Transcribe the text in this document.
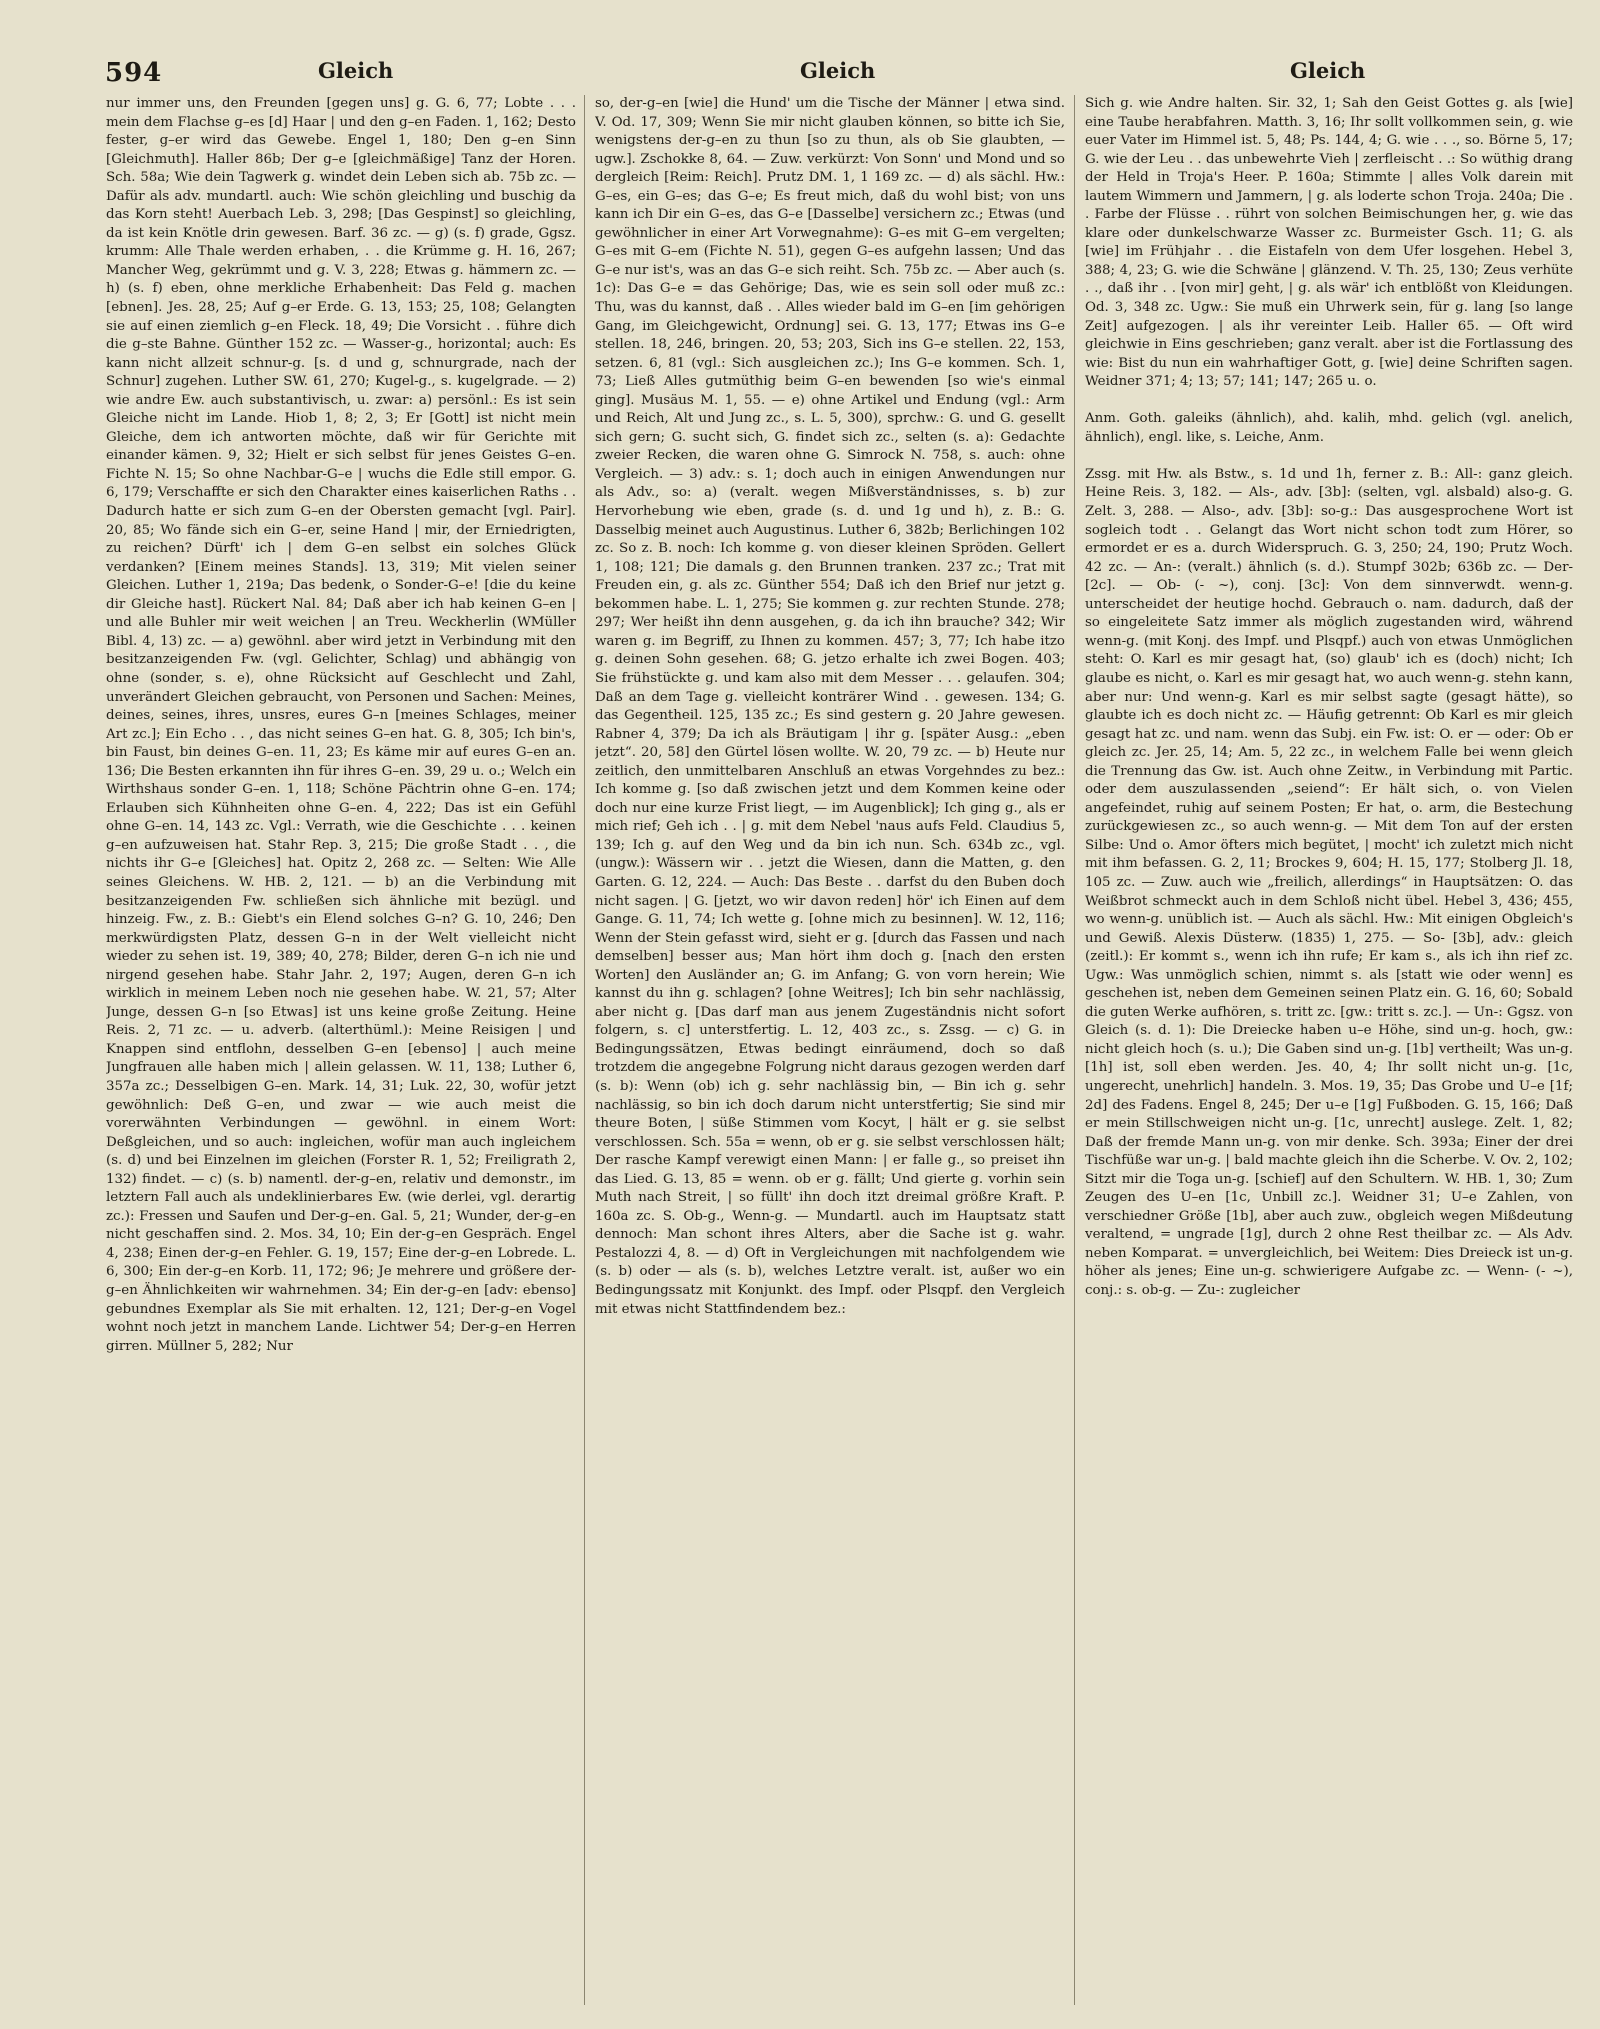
594	Gleich	Gleich	Gleich

nur immer uns, den Freunden [gegen uns] g. G. 6, 77; Lobte . . . mein dem Flachse g–es [d] Haar | und den g–en Faden. 1, 162; Desto fester, g–er wird das Gewebe. Engel 1, 180; Den g–en Sinn [Gleichmuth]. Haller 86b; Der g–e [gleichmäßige] Tanz der Horen. Sch. 58a; Wie dein Tagwerk g. windet dein Leben sich ab. 75b zc. — Dafür als adv. mundartl. auch: Wie schön gleichling und buschig da das Korn steht! Auerbach Leb. 3, 298; [Das Gespinst] so gleichling, da ist kein Knötle drin gewesen. Barf. 36 zc. — g) (s. f) grade, Ggsz. krumm: Alle Thale werden erhaben, . . die Krümme g. H. 16, 267; Mancher Weg, gekrümmt und g. V. 3, 228; Etwas g. hämmern zc. — h) (s. f) eben, ohne merkliche Erhabenheit: Das Feld g. machen [ebnen]. Jes. 28, 25; Auf g–er Erde. G. 13, 153; 25, 108; Gelangten sie auf einen ziemlich g–en Fleck. 18, 49; Die Vorsicht . . führe dich die g–ste Bahne. Günther 152 zc. — Wasser-g., horizontal; auch: Es kann nicht allzeit schnur-g. [s. d und g, schnurgrade, nach der Schnur] zugehen. Luther SW. 61, 270; Kugel-g., s. kugelgrade. — 2) wie andre Ew. auch substantivisch, u. zwar: a) persönl.: Es ist sein Gleiche nicht im Lande. Hiob 1, 8; 2, 3; Er [Gott] ist nicht mein Gleiche, dem ich antworten möchte, daß wir für Gerichte mit einander kämen. 9, 32; Hielt er sich selbst für jenes Geistes G–en. Fichte N. 15; So ohne Nachbar-G–e | wuchs die Edle still empor. G. 6, 179; Verschaffte er sich den Charakter eines kaiserlichen Raths . . Dadurch hatte er sich zum G–en der Obersten gemacht [vgl. Pair]. 20, 85; Wo fände sich ein G–er, seine Hand | mir, der Erniedrigten, zu reichen? Dürft' ich | dem G–en selbst ein solches Glück verdanken? [Einem meines Stands]. 13, 319; Mit vielen seiner Gleichen. Luther 1, 219a; Das bedenk, o Sonder-G–e! [die du keine dir Gleiche hast]. Rückert Nal. 84; Daß aber ich hab keinen G–en | und alle Buhler mir weit weichen | an Treu. Weckherlin (WMüller Bibl. 4, 13) zc. — a) gewöhnl. aber wird jetzt in Verbindung mit den besitzanzeigenden Fw. (vgl. Gelichter, Schlag) und abhängig von ohne (sonder, s. e), ohne Rücksicht auf Geschlecht und Zahl, unverändert Gleichen gebraucht, von Personen und Sachen: Meines, deines, seines, ihres, unsres, eures G–n [meines Schlages, meiner Art zc.]; Ein Echo . . , das nicht seines G–en hat. G. 8, 305; Ich bin's, bin Faust, bin deines G–en. 11, 23; Es käme mir auf eures G–en an. 136; Die Besten erkannten ihn für ihres G–en. 39, 29 u. o.; Welch ein Wirthshaus sonder G–en. 1, 118; Schöne Pächtrin ohne G–en. 174; Erlauben sich Kühnheiten ohne G–en. 4, 222; Das ist ein Gefühl ohne G–en. 14, 143 zc. Vgl.: Verrath, wie die Geschichte . . . keinen g–en aufzuweisen hat. Stahr Rep. 3, 215; Die große Stadt . . , die nichts ihr G–e [Gleiches] hat. Opitz 2, 268 zc. — Selten: Wie Alle seines Gleichens. W. HB. 2, 121. — b) an die Verbindung mit besitzanzeigenden Fw. schließen sich ähnliche mit bezügl. und hinzeig. Fw., z. B.: Giebt's ein Elend solches G–n? G. 10, 246; Den merkwürdigsten Platz, dessen G–n in der Welt vielleicht nicht wieder zu sehen ist. 19, 389; 40, 278; Bilder, deren G–n ich nie und nirgend gesehen habe. Stahr Jahr. 2, 197; Augen, deren G–n ich wirklich in meinem Leben noch nie gesehen habe. W. 21, 57; Alter Junge, dessen G–n [so Etwas] ist uns keine große Zeitung. Heine Reis. 2, 71 zc. — u. adverb. (alterthüml.): Meine Reisigen | und Knappen sind entflohn, desselben G–en [ebenso] | auch meine Jungfrauen alle haben mich | allein gelassen. W. 11, 138; Luther 6, 357a zc.; Desselbigen G–en. Mark. 14, 31; Luk. 22, 30, wofür jetzt gewöhnlich: Deß G–en, und zwar — wie auch meist die vorerwähnten Verbindungen — gewöhnl. in einem Wort: Deßgleichen, und so auch: ingleichen, wofür man auch ingleichem (s. d) und bei Einzelnen im gleichen (Forster R. 1, 52; Freiligrath 2, 132) findet. — c) (s. b) namentl. der-g–en, relativ und demonstr., im letztern Fall auch als undeklinierbares Ew. (wie derlei, vgl. derartig zc.): Fressen und Saufen und Der-g–en. Gal. 5, 21; Wunder, der-g–en nicht geschaffen sind. 2. Mos. 34, 10; Ein der-g–en Gespräch. Engel 4, 238; Einen der-g–en Fehler. G. 19, 157; Eine der-g–en Lobrede. L. 6, 300; Ein der-g–en Korb. 11, 172; 96; Je mehrere und größere der-g–en Ähnlichkeiten wir wahrnehmen. 34; Ein der-g–en [adv: ebenso] gebundnes Exemplar als Sie mit erhalten. 12, 121; Der-g–en Vogel wohnt noch jetzt in manchem Lande. Lichtwer 54; Der-g–en Herren girren. Müllner 5, 282; Nur

so, der-g–en [wie] die Hund' um die Tische der Männer | etwa sind. V. Od. 17, 309; Wenn Sie mir nicht glauben können, so bitte ich Sie, wenigstens der-g–en zu thun [so zu thun, als ob Sie glaubten, — ugw.]. Zschokke 8, 64. — Zuw. verkürzt: Von Sonn' und Mond und so dergleich [Reim: Reich]. Prutz DM. 1, 1 169 zc. — d) als sächl. Hw.: G–es, ein G–es; das G–e; Es freut mich, daß du wohl bist; von uns kann ich Dir ein G–es, das G–e [Dasselbe] versichern zc.; Etwas (und gewöhnlicher in einer Art Vorwegnahme): G–es mit G–em vergelten; G–es mit G–em (Fichte N. 51), gegen G–es aufgehn lassen; Und das G–e nur ist's, was an das G–e sich reiht. Sch. 75b zc. — Aber auch (s. 1c): Das G–e = das Gehörige; Das, wie es sein soll oder muß zc.: Thu, was du kannst, daß . . Alles wieder bald im G–en [im gehörigen Gang, im Gleichgewicht, Ordnung] sei. G. 13, 177; Etwas ins G–e stellen. 18, 246, bringen. 20, 53; 203, Sich ins G–e stellen. 22, 153, setzen. 6, 81 (vgl.: Sich ausgleichen zc.); Ins G–e kommen. Sch. 1, 73; Ließ Alles gutmüthig beim G–en bewenden [so wie's einmal ging]. Musäus M. 1, 55. — e) ohne Artikel und Endung (vgl.: Arm und Reich, Alt und Jung zc., s. L. 5, 300), sprchw.: G. und G. gesellt sich gern; G. sucht sich, G. findet sich zc., selten (s. a): Gedachte zweier Recken, die waren ohne G. Simrock N. 758, s. auch: ohne Vergleich. — 3) adv.: s. 1; doch auch in einigen Anwendungen nur als Adv., so: a) (veralt. wegen Mißverständnisses, s. b) zur Hervorhebung wie eben, grade (s. d. und 1g und h), z. B.: G. Dasselbig meinet auch Augustinus. Luther 6, 382b; Berlichingen 102 zc. So z. B. noch: Ich komme g. von dieser kleinen Spröden. Gellert 1, 108; 121; Die damals g. den Brunnen tranken. 237 zc.; Trat mit Freuden ein, g. als zc. Günther 554; Daß ich den Brief nur jetzt g. bekommen habe. L. 1, 275; Sie kommen g. zur rechten Stunde. 278; 297; Wer heißt ihn denn ausgehen, g. da ich ihn brauche? 342; Wir waren g. im Begriff, zu Ihnen zu kommen. 457; 3, 77; Ich habe itzo g. deinen Sohn gesehen. 68; G. jetzo erhalte ich zwei Bogen. 403; Sie frühstückte g. und kam also mit dem Messer . . . gelaufen. 304; Daß an dem Tage g. vielleicht konträrer Wind . . gewesen. 134; G. das Gegentheil. 125, 135 zc.; Es sind gestern g. 20 Jahre gewesen. Rabner 4, 379; Da ich als Bräutigam | ihr g. [später Ausg.: „eben jetzt“. 20, 58] den Gürtel lösen wollte. W. 20, 79 zc. — b) Heute nur zeitlich, den unmittelbaren Anschluß an etwas Vorgehndes zu bez.: Ich komme g. [so daß zwischen jetzt und dem Kommen keine oder doch nur eine kurze Frist liegt, — im Augenblick]; Ich ging g., als er mich rief; Geh ich . . | g. mit dem Nebel 'naus aufs Feld. Claudius 5, 139; Ich g. auf den Weg und da bin ich nun. Sch. 634b zc., vgl. (ungw.): Wässern wir . . jetzt die Wiesen, dann die Matten, g. den Garten. G. 12, 224. — Auch: Das Beste . . darfst du den Buben doch nicht sagen. | G. [jetzt, wo wir davon reden] hör' ich Einen auf dem Gange. G. 11, 74; Ich wette g. [ohne mich zu besinnen]. W. 12, 116; Wenn der Stein gefasst wird, sieht er g. [durch das Fassen und nach demselben] besser aus; Man hört ihm doch g. [nach den ersten Worten] den Ausländer an; G. im Anfang; G. von vorn herein; Wie kannst du ihn g. schlagen? [ohne Weitres]; Ich bin sehr nachlässig, aber nicht g. [Das darf man aus jenem Zugeständnis nicht sofort folgern, s. c] unterstfertig. L. 12, 403 zc., s. Zssg. — c) G. in Bedingungssätzen, Etwas bedingt einräumend, doch so daß trotzdem die angegebne Folgrung nicht daraus gezogen werden darf (s. b): Wenn (ob) ich g. sehr nachlässig bin, — Bin ich g. sehr nachlässig, so bin ich doch darum nicht unterstfertig; Sie sind mir theure Boten, | süße Stimmen vom Kocyt, | hält er g. sie selbst verschlossen. Sch. 55a = wenn, ob er g. sie selbst verschlossen hält; Der rasche Kampf verewigt einen Mann: | er falle g., so preiset ihn das Lied. G. 13, 85 = wenn. ob er g. fällt; Und gierte g. vorhin sein Muth nach Streit, | so füllt' ihn doch itzt dreimal größre Kraft. P. 160a zc. S. Ob-g., Wenn-g. — Mundartl. auch im Hauptsatz statt dennoch: Man schont ihres Alters, aber die Sache ist g. wahr. Pestalozzi 4, 8. — d) Oft in Vergleichungen mit nachfolgendem wie (s. b) oder — als (s. b), welches Letztre veralt. ist, außer wo ein Bedingungssatz mit Konjunkt. des Impf. oder Plsqpf. den Vergleich mit etwas nicht Stattfindendem bez.:

Sich g. wie Andre halten. Sir. 32, 1; Sah den Geist Gottes g. als [wie] eine Taube herabfahren. Matth. 3, 16; Ihr sollt vollkommen sein, g. wie euer Vater im Himmel ist. 5, 48; Ps. 144, 4; G. wie . . ., so. Börne 5, 17; G. wie der Leu . . das unbewehrte Vieh | zerfleischt . .: So wüthig drang der Held in Troja's Heer. P. 160a; Stimmte | alles Volk darein mit lautem Wimmern und Jammern, | g. als loderte schon Troja. 240a; Die . . Farbe der Flüsse . . rührt von solchen Beimischungen her, g. wie das klare oder dunkelschwarze Wasser zc. Burmeister Gsch. 11; G. als [wie] im Frühjahr . . die Eistafeln von dem Ufer losgehen. Hebel 3, 388; 4, 23; G. wie die Schwäne | glänzend. V. Th. 25, 130; Zeus verhüte . ., daß ihr . . [von mir] geht, | g. als wär' ich entblößt von Kleidungen. Od. 3, 348 zc. Ugw.: Sie muß ein Uhrwerk sein, für g. lang [so lange Zeit] aufgezogen. | als ihr vereinter Leib. Haller 65. — Oft wird gleichwie in Eins geschrieben; ganz veralt. aber ist die Fortlassung des wie: Bist du nun ein wahrhaftiger Gott, g. [wie] deine Schriften sagen. Weidner 371; 4; 13; 57; 141; 147; 265 u. o.

Anm. Goth. galeiks (ähnlich), ahd. kalih, mhd. gelich (vgl. anelich, ähnlich), engl. like, s. Leiche, Anm.

Zssg. mit Hw. als Bstw., s. 1d und 1h, ferner z. B.: All-: ganz gleich. Heine Reis. 3, 182. — Als-, adv. [3b]: (selten, vgl. alsbald) also-g. G. Zelt. 3, 288. — Also-, adv. [3b]: so-g.: Das ausgesprochene Wort ist sogleich todt . . Gelangt das Wort nicht schon todt zum Hörer, so ermordet er es a. durch Widerspruch. G. 3, 250; 24, 190; Prutz Woch. 42 zc. — An-: (veralt.) ähnlich (s. d.). Stumpf 302b; 636b zc. — Der-[2c]. — Ob- (- ~), conj. [3c]: Von dem sinnverwdt. wenn-g. unterscheidet der heutige hochd. Gebrauch o. nam. dadurch, daß der so eingeleitete Satz immer als möglich zugestanden wird, während wenn-g. (mit Konj. des Impf. und Plsqpf.) auch von etwas Unmöglichen steht: O. Karl es mir gesagt hat, (so) glaub' ich es (doch) nicht; Ich glaube es nicht, o. Karl es mir gesagt hat, wo auch wenn-g. stehn kann, aber nur: Und wenn-g. Karl es mir selbst sagte (gesagt hätte), so glaubte ich es doch nicht zc. — Häufig getrennt: Ob Karl es mir gleich gesagt hat zc. und nam. wenn das Subj. ein Fw. ist: O. er — oder: Ob er gleich zc. Jer. 25, 14; Am. 5, 22 zc., in welchem Falle bei wenn gleich die Trennung das Gw. ist. Auch ohne Zeitw., in Verbindung mit Partic. oder dem auszulassenden „seiend“: Er hält sich, o. von Vielen angefeindet, ruhig auf seinem Posten; Er hat, o. arm, die Bestechung zurückgewiesen zc., so auch wenn-g. — Mit dem Ton auf der ersten Silbe: Und o. Amor öfters mich begütet, | mocht' ich zuletzt mich nicht mit ihm befassen. G. 2, 11; Brockes 9, 604; H. 15, 177; Stolberg Jl. 18, 105 zc. — Zuw. auch wie „freilich, allerdings“ in Hauptsätzen: O. das Weißbrot schmeckt auch in dem Schloß nicht übel. Hebel 3, 436; 455, wo wenn-g. unüblich ist. — Auch als sächl. Hw.: Mit einigen Obgleich's und Gewiß. Alexis Düsterw. (1835) 1, 275. — So- [3b], adv.: gleich (zeitl.): Er kommt s., wenn ich ihn rufe; Er kam s., als ich ihn rief zc. Ugw.: Was unmöglich schien, nimmt s. als [statt wie oder wenn] es geschehen ist, neben dem Gemeinen seinen Platz ein. G. 16, 60; Sobald die guten Werke aufhören, s. tritt zc. [gw.: tritt s. zc.]. — Un-: Ggsz. von Gleich (s. d. 1): Die Dreiecke haben u–e Höhe, sind un-g. hoch, gw.: nicht gleich hoch (s. u.); Die Gaben sind un-g. [1b] vertheilt; Was un-g. [1h] ist, soll eben werden. Jes. 40, 4; Ihr sollt nicht un-g. [1c, ungerecht, unehrlich] handeln. 3. Mos. 19, 35; Das Grobe und U–e [1f; 2d] des Fadens. Engel 8, 245; Der u–e [1g] Fußboden. G. 15, 166; Daß er mein Stillschweigen nicht un-g. [1c, unrecht] auslege. Zelt. 1, 82; Daß der fremde Mann un-g. von mir denke. Sch. 393a; Einer der drei Tischfüße war un-g. | bald machte gleich ihn die Scherbe. V. Ov. 2, 102; Sitzt mir die Toga un-g. [schief] auf den Schultern. W. HB. 1, 30; Zum Zeugen des U–en [1c, Unbill zc.]. Weidner 31; U–e Zahlen, von verschiedner Größe [1b], aber auch zuw., obgleich wegen Mißdeutung veraltend, = ungrade [1g], durch 2 ohne Rest theilbar zc. — Als Adv. neben Komparat. = unvergleichlich, bei Weitem: Dies Dreieck ist un-g. höher als jenes; Eine un-g. schwierigere Aufgabe zc. — Wenn- (- ~), conj.: s. ob-g. — Zu-: zugleicher
